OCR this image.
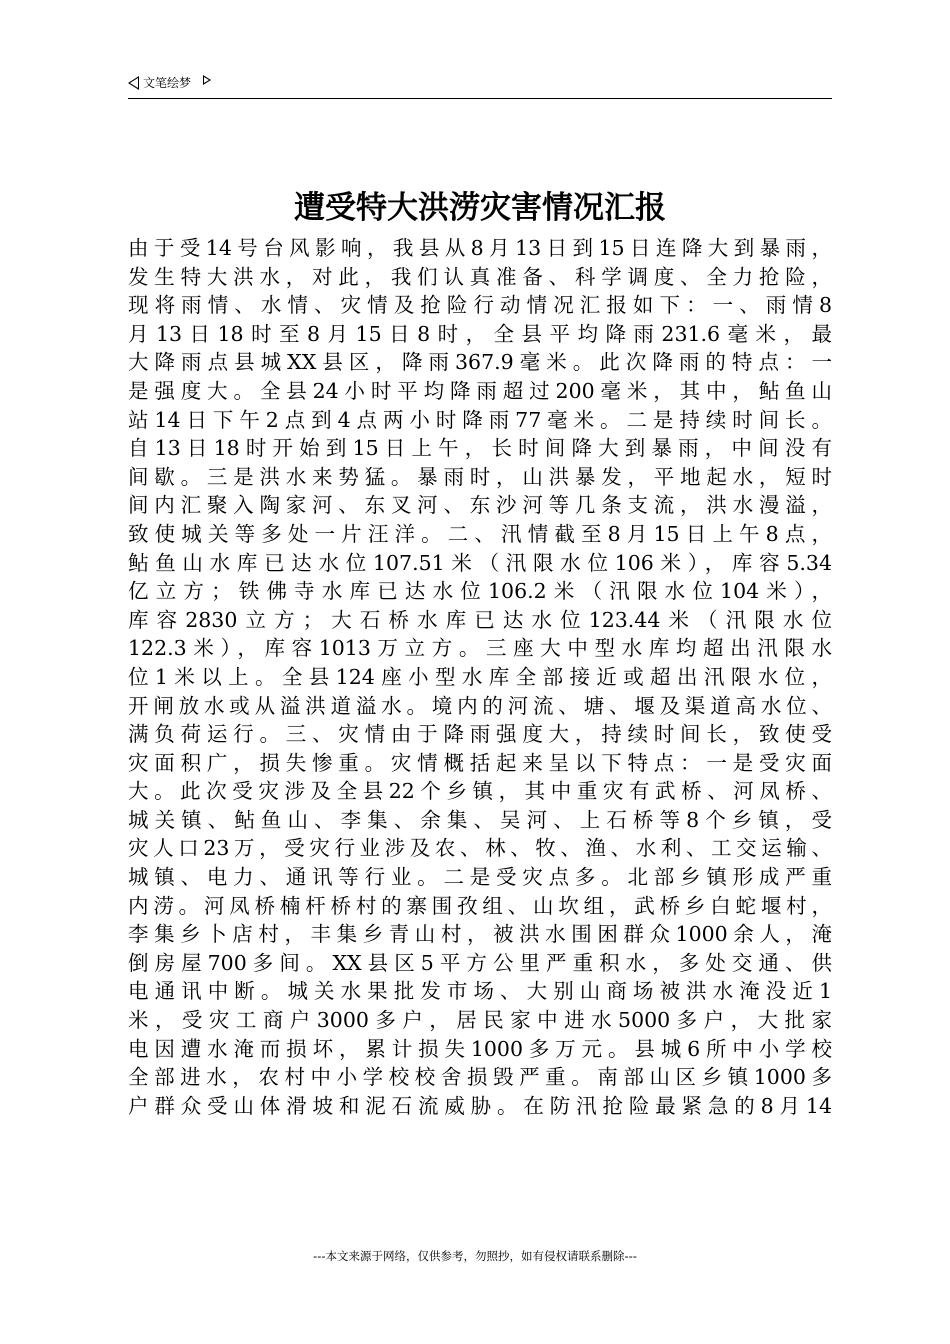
文笔绘梦
遭受特大洪涝灾害情况汇报
由于受14号台风影响，我县从8月13日到15日连降大到暴雨，
发生特大洪水，对此，我们认真准备、科学调度、全力抢险，
现将雨情、水情、灾情及抢险行动情况汇报如下：一、雨情8
月13日18时至8月15日8时，全县平均降雨231.6毫米，最
大降雨点县城XX县区，降雨367.9毫米。此次降雨的特点：一
是强度大。全县24小时平均降雨超过200毫米，其中，鲇鱼山
站14日下午2点到4点两小时降雨77毫米。二是持续时间长。
自13日18时开始到15日上午，长时间降大到暴雨，中间没有
间歇。三是洪水来势猛。暴雨时，山洪暴发，平地起水，短时
间内汇聚入陶家河、东叉河、东沙河等几条支流，洪水漫溢，
致使城关等多处一片汪洋。二、汛情截至8月15日上午8点，
鲇鱼山水库已达水位107.51米（汛限水位106米），库容5.34
亿立方；铁佛寺水库已达水位106.2米（汛限水位104米），
库容2830立方；大石桥水库已达水位123.44米（汛限水位
122.3米），库容1013万立方。三座大中型水库均超出汛限水
位1米以上。全县124座小型水库全部接近或超出汛限水位，
开闸放水或从溢洪道溢水。境内的河流、塘、堰及渠道高水位、
满负荷运行。三、灾情由于降雨强度大，持续时间长，致使受
灾面积广，损失惨重。灾情概括起来呈以下特点：一是受灾面
大。此次受灾涉及全县22个乡镇，其中重灾有武桥、河凤桥、
城关镇、鲇鱼山、李集、余集、吴河、上石桥等8个乡镇，受
灾人口23万，受灾行业涉及农、林、牧、渔、水利、工交运输、
城镇、电力、通讯等行业。二是受灾点多。北部乡镇形成严重
内涝。河凤桥楠杆桥村的寨围孜组、山坎组，武桥乡白蛇堰村，
李集乡卜店村，丰集乡青山村，被洪水围困群众1000余人，淹
倒房屋700多间。XX县区5平方公里严重积水，多处交通、供
电通讯中断。城关水果批发市场、大别山商场被洪水淹没近1
米，受灾工商户3000多户，居民家中进水5000多户，大批家
电因遭水淹而损坏，累计损失1000多万元。县城6所中小学校
全部进水，农村中小学校校舍损毁严重。南部山区乡镇1000多
户群众受山体滑坡和泥石流威胁。在防汛抢险最紧急的8月14
---本文来源于网络，仅供参考，勿照抄，如有侵权请联系删除---
